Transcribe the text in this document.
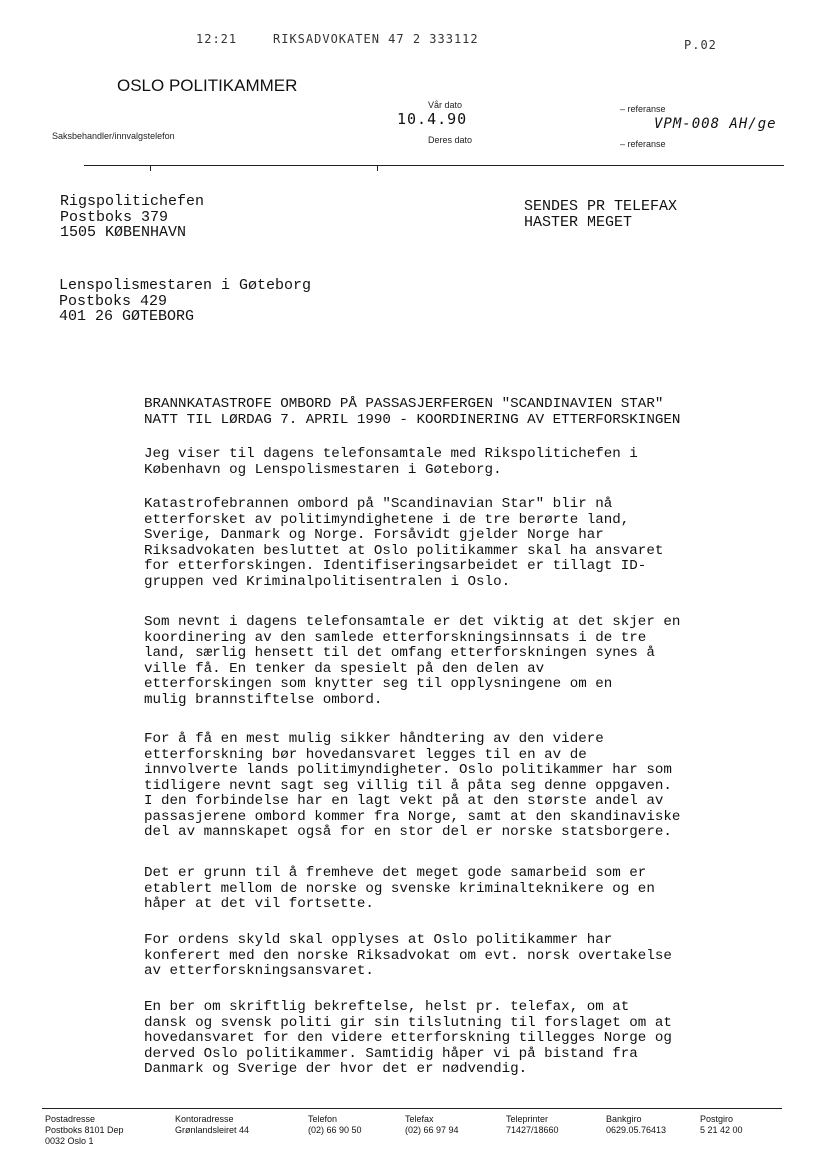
12:21	RIKSADVOKATEN 47 2 333112	P.02
OSLO POLITIKAMMER
Saksbehandler/innvalgstelefon
Vår dato
10.4.90
Deres dato
– referanse
VPM-008 AH/ge
– referanse
Rigspolitichefen
Postboks 379
1505 KØBENHAVN
SENDES PR TELEFAX
HASTER MEGET
Lenspolismestaren i Gøteborg
Postboks 429
401 26 GØTEBORG
BRANNKATASTROFE OMBORD PÅ PASSASJERFERGEN "SCANDINAVIEN STAR"
NATT TIL LØRDAG 7. APRIL 1990 - KOORDINERING AV ETTERFORSKINGEN
Jeg viser til dagens telefonsamtale med Rikspolitichefen i
København og Lenspolismestaren i Gøteborg.
Katastrofebrannen ombord på "Scandinavian Star" blir nå
etterforsket av politimyndighetene i de tre berørte land,
Sverige, Danmark og Norge. Forsåvidt gjelder Norge har
Riksadvokaten besluttet at Oslo politikammer skal ha ansvaret
for etterforskingen. Identifiseringsarbeidet er tillagt ID-
gruppen ved Kriminalpolitisentralen i Oslo.
Som nevnt i dagens telefonsamtale er det viktig at det skjer en
koordinering av den samlede etterforskningsinnsats i de tre
land, særlig hensett til det omfang etterforskningen synes å
ville få. En tenker da spesielt på den delen av
etterforskingen som knytter seg til opplysningene om en
mulig brannstiftelse ombord.
For å få en mest mulig sikker håndtering av den videre
etterforskning bør hovedansvaret legges til en av de
innvolverte lands politimyndigheter. Oslo politikammer har som
tidligere nevnt sagt seg villig til å påta seg denne oppgaven.
I den forbindelse har en lagt vekt på at den største andel av
passasjerene ombord kommer fra Norge, samt at den skandinaviske
del av mannskapet også for en stor del er norske statsborgere.
Det er grunn til å fremheve det meget gode samarbeid som er
etablert mellom de norske og svenske kriminalteknikere og en
håper at det vil fortsette.
For ordens skyld skal opplyses at Oslo politikammer har
konferert med den norske Riksadvokat om evt. norsk overtakelse
av etterforskningsansvaret.
En ber om skriftlig bekreftelse, helst pr. telefax, om at
dansk og svensk politi gir sin tilslutning til forslaget om at
hovedansvaret for den videre etterforskning tillegges Norge og
derved Oslo politikammer. Samtidig håper vi på bistand fra
Danmark og Sverige der hvor det er nødvendig.
Postadresse
Postboks 8101 Dep
0032 Oslo 1
Kontoradresse
Grønlandsleiret 44
Telefon
(02) 66 90 50
Telefax
(02) 66 97 94
Teleprinter
71427/18660
Bankgiro
0629.05.76413
Postgiro
5 21 42 00
